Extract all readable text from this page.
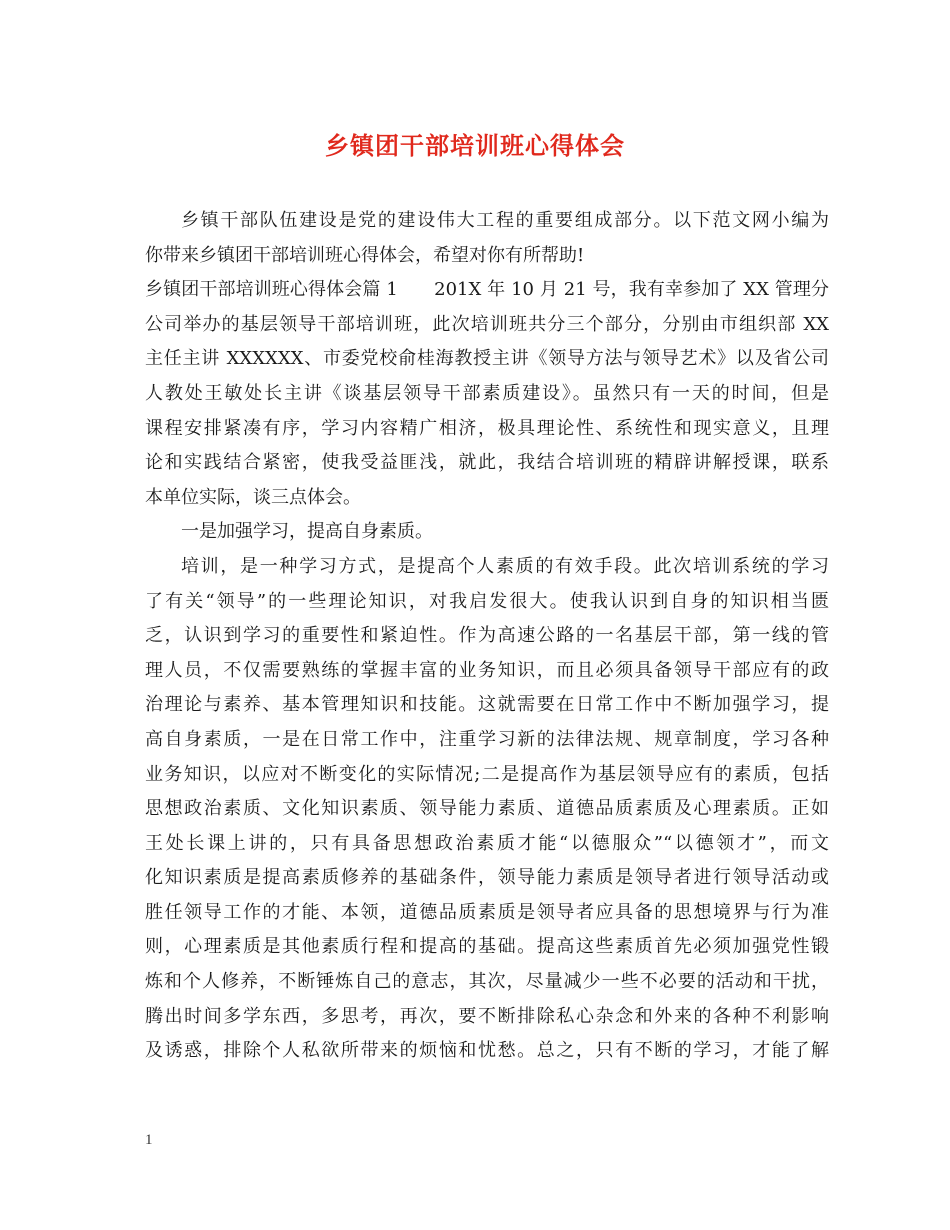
乡镇团干部培训班心得体会
乡镇干部队伍建设是党的建设伟大工程的重要组成部分。以下范文网小编为
你带来乡镇团干部培训班心得体会，希望对你有所帮助!
乡镇团干部培训班心得体会篇 1　　201X 年 10 月 21 号，我有幸参加了 XX 管理分
公司举办的基层领导干部培训班，此次培训班共分三个部分，分别由市组织部 XX
主任主讲 XXXXXX、市委党校俞桂海教授主讲《领导方法与领导艺术》以及省公司
人教处王敏处长主讲《谈基层领导干部素质建设》。虽然只有一天的时间，但是
课程安排紧凑有序，学习内容精广相济，极具理论性、系统性和现实意义，且理
论和实践结合紧密，使我受益匪浅，就此，我结合培训班的精辟讲解授课，联系
本单位实际，谈三点体会。
一是加强学习，提高自身素质。
培训，是一种学习方式，是提高个人素质的有效手段。此次培训系统的学习
了有关“领导”的一些理论知识，对我启发很大。使我认识到自身的知识相当匮
乏，认识到学习的重要性和紧迫性。作为高速公路的一名基层干部，第一线的管
理人员，不仅需要熟练的掌握丰富的业务知识，而且必须具备领导干部应有的政
治理论与素养、基本管理知识和技能。这就需要在日常工作中不断加强学习，提
高自身素质，一是在日常工作中，注重学习新的法律法规、规章制度，学习各种
业务知识，以应对不断变化的实际情况;二是提高作为基层领导应有的素质，包括
思想政治素质、文化知识素质、领导能力素质、道德品质素质及心理素质。正如
王处长课上讲的，只有具备思想政治素质才能“以德服众”“以德领才”，而文
化知识素质是提高素质修养的基础条件，领导能力素质是领导者进行领导活动或
胜任领导工作的才能、本领，道德品质素质是领导者应具备的思想境界与行为准
则，心理素质是其他素质行程和提高的基础。提高这些素质首先必须加强党性锻
炼和个人修养，不断锤炼自己的意志，其次，尽量减少一些不必要的活动和干扰，
腾出时间多学东西，多思考，再次，要不断排除私心杂念和外来的各种不利影响
及诱惑，排除个人私欲所带来的烦恼和忧愁。总之，只有不断的学习，才能了解
1
